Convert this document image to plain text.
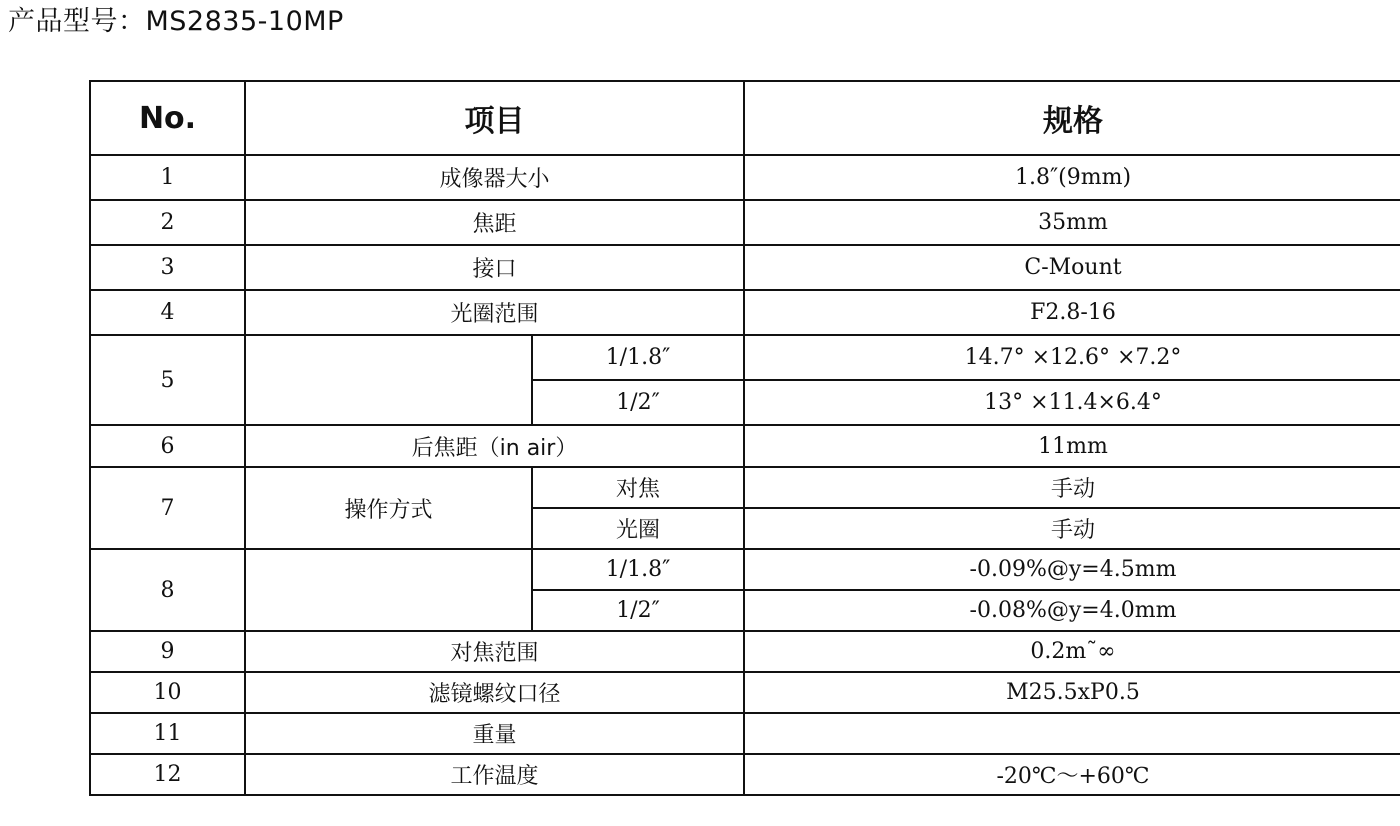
产品型号：MS2835-10MP
No.	项目		规格
1	成像器大小		1.8″(9mm)
2	焦距		35mm
3	接口		C-Mount
4	光圈范围		F2.8-16
5		1/1.8″	14.7° ×12.6° ×7.2°
		1/2″	13° ×11.4×6.4°
6	后焦距（in air）		11mm
7	操作方式	对焦	手动
		光圈	手动
8		1/1.8″	-0.09%@y=4.5mm
		1/2″	-0.08%@y=4.0mm
9	对焦范围		0.2m˜∞
10	滤镜螺纹口径		M25.5xP0.5
11	重量		
12	工作温度		-20℃～+60℃
